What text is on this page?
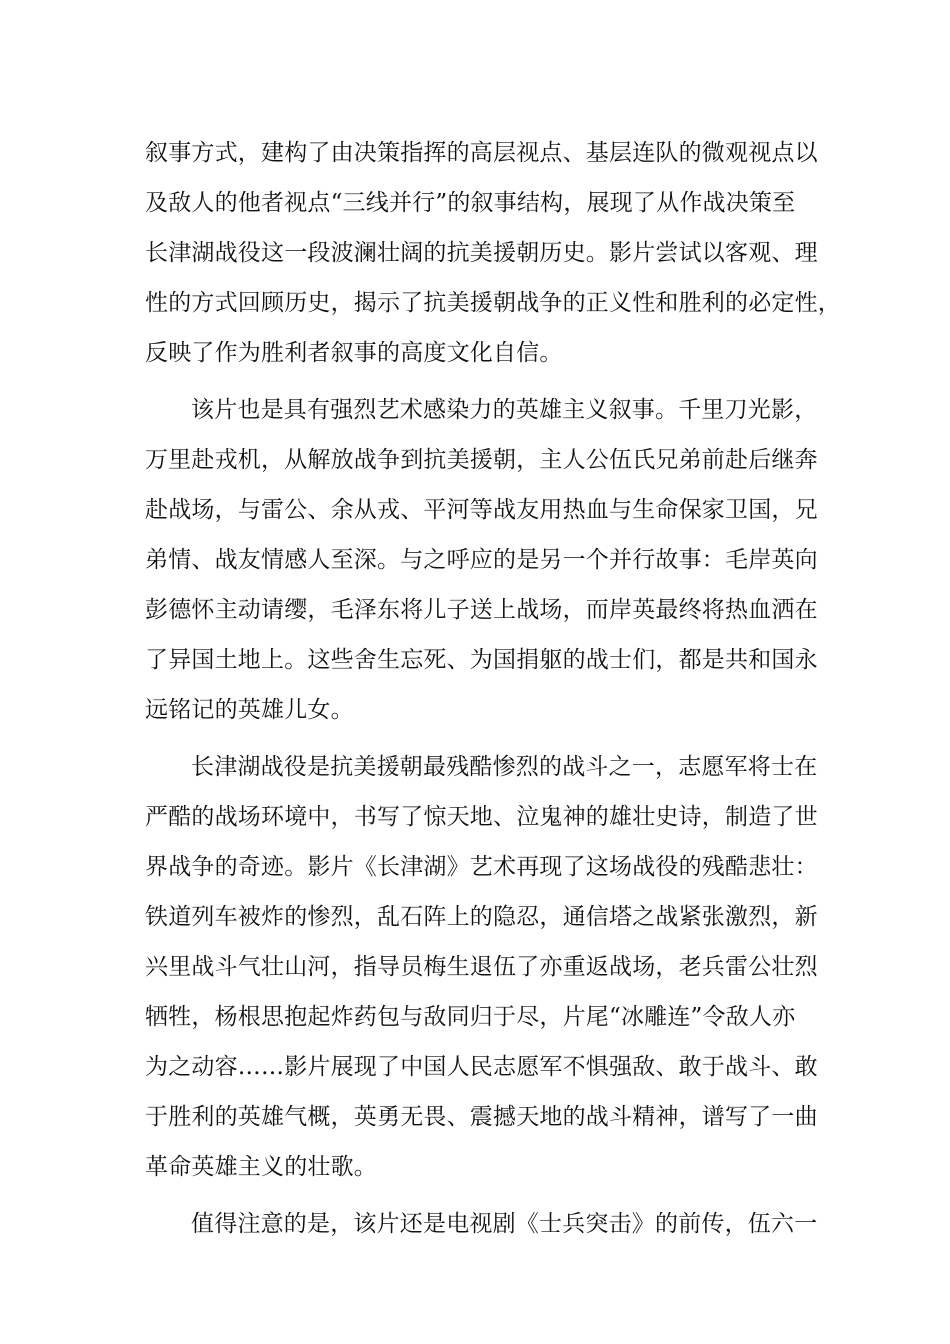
叙事方式，建构了由决策指挥的高层视点、基层连队的微观视点以
及敌人的他者视点“三线并行”的叙事结构，展现了从作战决策至
长津湖战役这一段波澜壮阔的抗美援朝历史。影片尝试以客观、理
性的方式回顾历史，揭示了抗美援朝战争的正义性和胜利的必定性，
反映了作为胜利者叙事的高度文化自信。
该片也是具有强烈艺术感染力的英雄主义叙事。千里刀光影，
万里赴戎机，从解放战争到抗美援朝，主人公伍氏兄弟前赴后继奔
赴战场，与雷公、余从戎、平河等战友用热血与生命保家卫国，兄
弟情、战友情感人至深。与之呼应的是另一个并行故事：毛岸英向
彭德怀主动请缨，毛泽东将儿子送上战场，而岸英最终将热血洒在
了异国土地上。这些舍生忘死、为国捐躯的战士们，都是共和国永
远铭记的英雄儿女。
长津湖战役是抗美援朝最残酷惨烈的战斗之一，志愿军将士在
严酷的战场环境中，书写了惊天地、泣鬼神的雄壮史诗，制造了世
界战争的奇迹。影片《长津湖》艺术再现了这场战役的残酷悲壮：
铁道列车被炸的惨烈，乱石阵上的隐忍，通信塔之战紧张激烈，新
兴里战斗气壮山河，指导员梅生退伍了亦重返战场，老兵雷公壮烈
牺牲，杨根思抱起炸药包与敌同归于尽，片尾“冰雕连”令敌人亦
为之动容……影片展现了中国人民志愿军不惧强敌、敢于战斗、敢
于胜利的英雄气概，英勇无畏、震撼天地的战斗精神，谱写了一曲
革命英雄主义的壮歌。
值得注意的是，该片还是电视剧《士兵突击》的前传，伍六一
